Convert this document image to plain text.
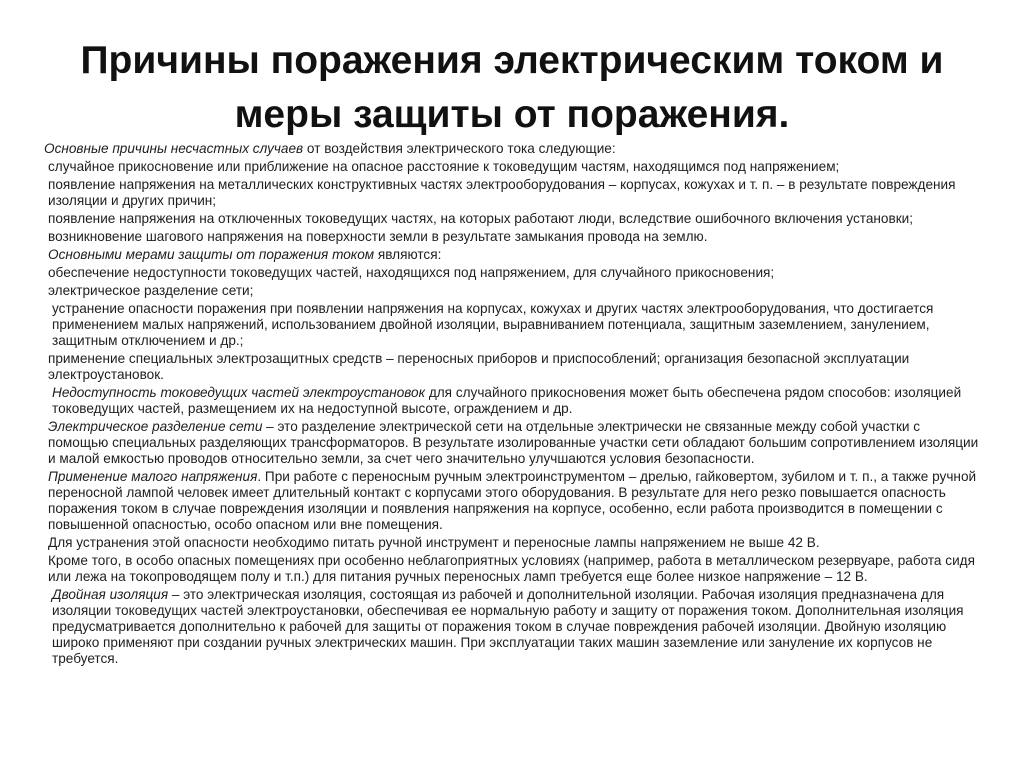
Причины поражения электрическим током и
меры защиты от поражения.

Основные причины несчастных случаев от воздействия электрического тока следующие:

случайное прикосновение или приближение на опасное расстояние к токоведущим частям, находящимся под напряжением;

появление напряжения на металлических конструктивных частях электрооборудования – корпусах, кожухах и т. п. – в результате повреждения изоляции и других причин;

появление напряжения на отключенных токоведущих частях, на которых работают люди, вследствие ошибочного включения установки;

возникновение шагового напряжения на поверхности земли в результате замыкания провода на землю.

Основными мерами защиты от поражения током являются:

обеспечение недоступности токоведущих частей, находящихся под напряжением, для случайного прикосновения;

электрическое разделение сети;

устранение опасности поражения при появлении напряжения на корпусах, кожухах и других частях электрооборудования, что достигается применением малых напряжений, использованием двойной изоляции, выравниванием потенциала, защитным заземлением, занулением, защитным отключением и др.;

применение специальных электрозащитных средств – переносных приборов и приспособлений; организация безопасной эксплуатации электроустановок.

Недоступность токоведущих частей электроустановок для случайного прикосновения может быть обеспечена рядом способов: изоляцией токоведущих частей, размещением их на недоступной высоте, ограждением и др.

Электрическое разделение сети – это разделение электрической сети на отдельные электрически не связанные между собой участки с помощью специальных разделяющих трансформаторов. В результате изолированные участки сети обладают большим сопротивлением изоляции и малой емкостью проводов относительно земли, за счет чего значительно улучшаются условия безопасности.

Применение малого напряжения. При работе с переносным ручным электроинструментом – дрелью, гайковертом, зубилом и т. п., а также ручной переносной лампой человек имеет длительный контакт с корпусами этого оборудования. В результате для него резко повышается опасность поражения током в случае повреждения изоляции и появления напряжения на корпусе, особенно, если работа производится в помещении с повышенной опасностью, особо опасном или вне помещения.

Для устранения этой опасности необходимо питать ручной инструмент и переносные лампы напряжением не выше 42 В.

Кроме того, в особо опасных помещениях при особенно неблагоприятных условиях (например, работа в металлическом резервуаре, работа сидя или лежа на токопроводящем полу и т.п.) для питания ручных переносных ламп требуется еще более низкое напряжение – 12 В.

Двойная изоляция – это электрическая изоляция, состоящая из рабочей и дополнительной изоляции. Рабочая изоляция предназначена для изоляции токоведущих частей электроустановки, обеспечивая ее нормальную работу и защиту от поражения током. Дополнительная изоляция предусматривается дополнительно к рабочей для защиты от поражения током в случае повреждения рабочей изоляции. Двойную изоляцию широко применяют при создании ручных электрических машин. При эксплуатации таких машин заземление или зануление их корпусов не требуется.
